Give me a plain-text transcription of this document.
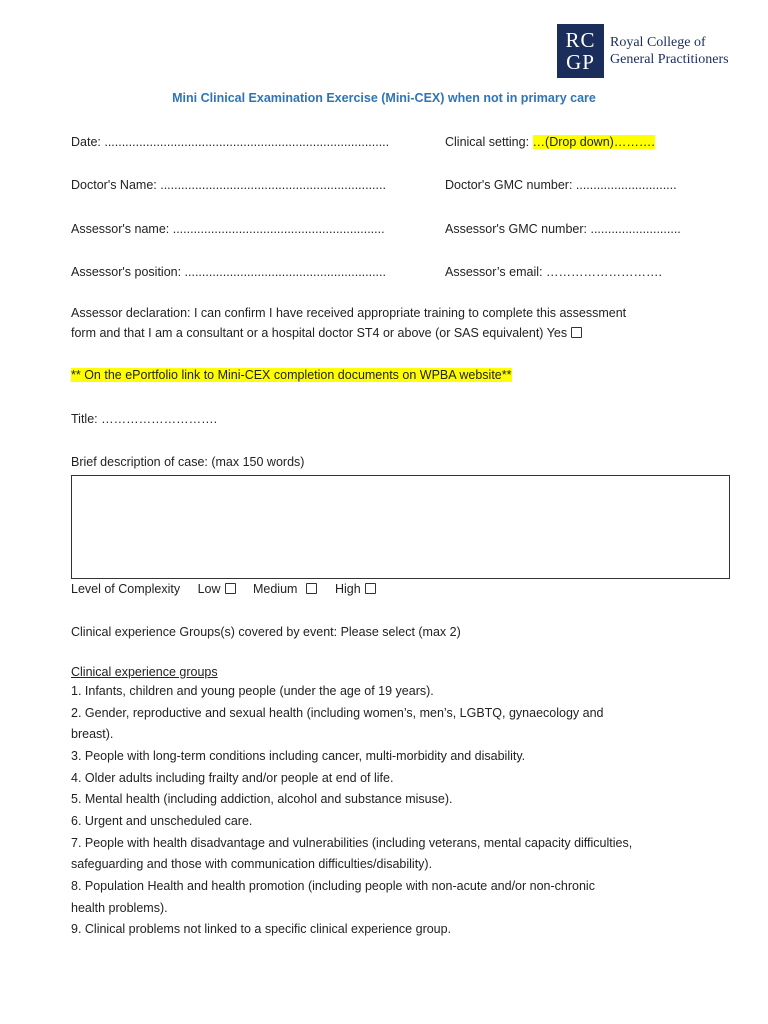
RC
GP
Royal College of
General Practitioners
Mini Clinical Examination Exercise (Mini-CEX) when not in primary care
Date: ..................................................................................	Clinical setting: …(Drop down)……….
Doctor's Name: .................................................................	Doctor's GMC number: .............................
Assessor's name: .............................................................	Assessor's GMC number: ..........................
Assessor's position: ..........................................................	Assessor’s email: ……………………….
Assessor declaration: I can confirm I have received appropriate training to complete this assessment
form and that I am a consultant or a hospital doctor ST4 or above (or SAS equivalent) Yes
** On the ePortfolio link to Mini-CEX completion documents on WPBA website**
Title: ……………………….
Brief description of case: (max 150 words)
Level of Complexity Low	Medium	High
Clinical experience Groups(s) covered by event: Please select (max 2)
Clinical experience groups
1. Infants, children and young people (under the age of 19 years).
2. Gender, reproductive and sexual health (including women’s, men’s, LGBTQ, gynaecology and
breast).
3. People with long-term conditions including cancer, multi-morbidity and disability.
4. Older adults including frailty and/or people at end of life.
5. Mental health (including addiction, alcohol and substance misuse).
6. Urgent and unscheduled care.
7. People with health disadvantage and vulnerabilities (including veterans, mental capacity difficulties,
safeguarding and those with communication difficulties/disability).
8. Population Health and health promotion (including people with non-acute and/or non-chronic
health problems).
9. Clinical problems not linked to a specific clinical experience group.
